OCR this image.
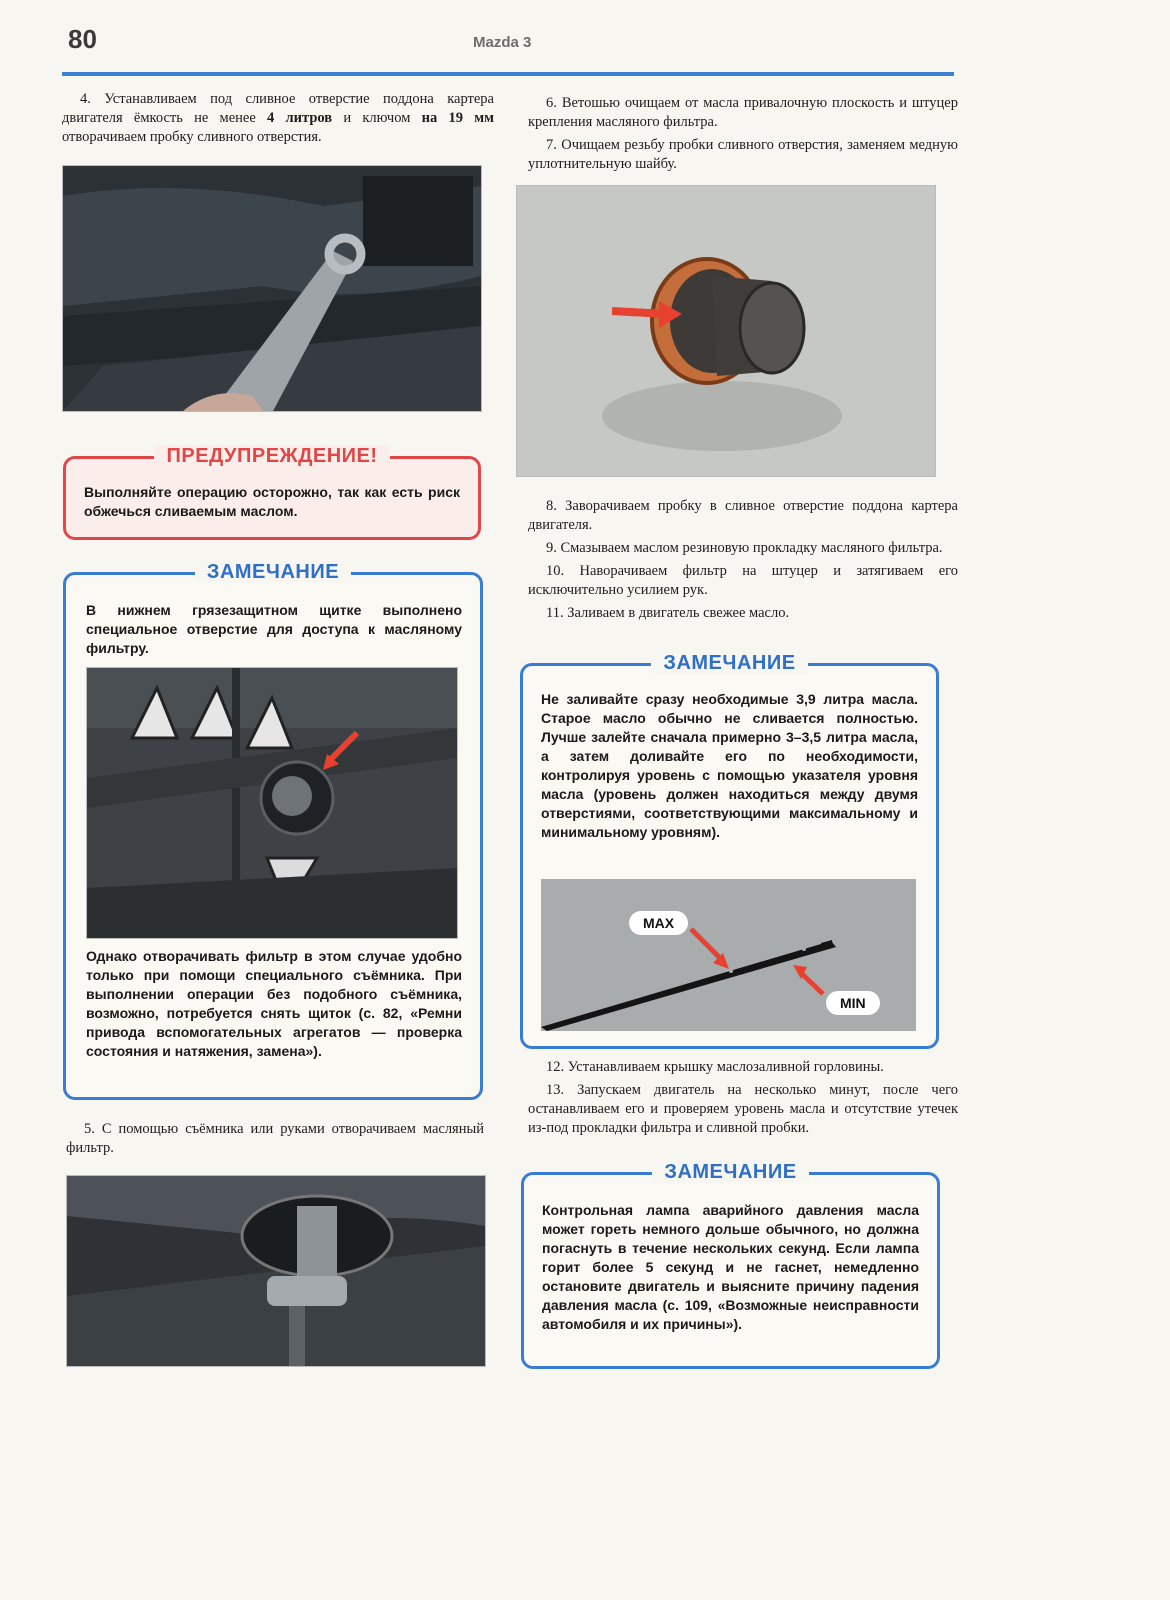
80	Mazda 3

4. Устанавливаем под сливное отверстие поддона картера двигателя ёмкость не менее 4 литров и ключом на 19 мм отворачиваем пробку сливного отверстия.

ПРЕДУПРЕЖДЕНИЕ!
Выполняйте операцию осторожно, так как есть риск обжечься сливаемым маслом.
ЗАМЕЧАНИЕ
В нижнем грязезащитном щитке выполнено специальное отверстие для доступа к масляному фильтру.
Однако отворачивать фильтр в этом случае удобно только при помощи специального съёмника. При выполнении операции без подобного съёмника, возможно, потребуется снять щиток (с. 82, «Ремни привода вспомогательных агрегатов — проверка состояния и натяжения, замена»).

5. С помощью съёмника или руками отворачиваем масляный фильтр.

6. Ветошью очищаем от масла привалочную плоскость и штуцер крепления масляного фильтра.

7. Очищаем резьбу пробки сливного отверстия, заменяем медную уплотнительную шайбу.

8. Заворачиваем пробку в сливное отверстие поддона картера двигателя.

9. Смазываем маслом резиновую прокладку масляного фильтра.

10. Наворачиваем фильтр на штуцер и затягиваем его исключительно усилием рук.

11. Заливаем в двигатель свежее масло.

ЗАМЕЧАНИЕ
Не заливайте сразу необходимые 3,9 литра масла. Старое масло обычно не сливается полностью. Лучше залейте сначала примерно 3–3,5 литра масла, а затем доливайте его по необходимости, контролируя уровень с помощью указателя уровня масла (уровень должен находиться между двумя отверстиями, соответствующими максимальному и минимальному уровням).
MAX
MIN

12. Устанавливаем крышку маслозаливной горловины.

13. Запускаем двигатель на несколько минут, после чего останавливаем его и проверяем уровень масла и отсутствие утечек из-под прокладки фильтра и сливной пробки.

ЗАМЕЧАНИЕ
Контрольная лампа аварийного давления масла может гореть немного дольше обычного, но должна погаснуть в течение нескольких секунд. Если лампа горит более 5 секунд и не гаснет, немедленно остановите двигатель и выясните причину падения давления масла (с. 109, «Возможные неисправности автомобиля и их причины»).
